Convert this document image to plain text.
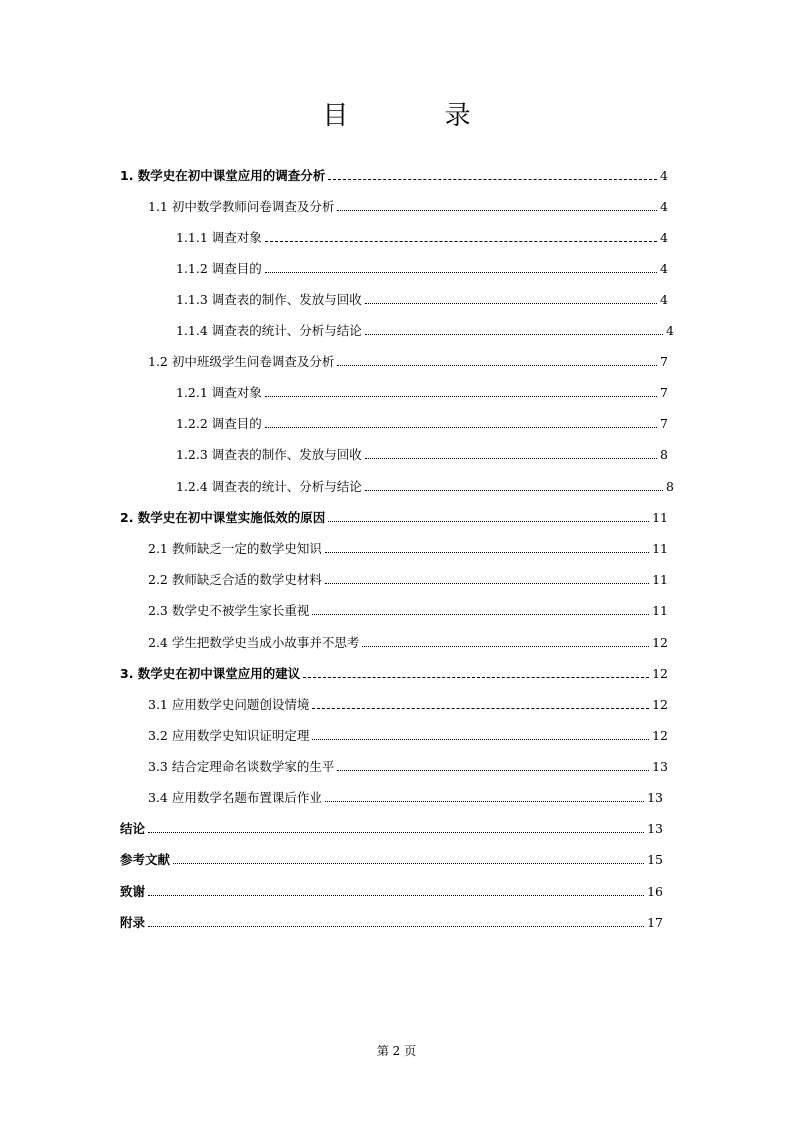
目 录
1. 数学史在初中课堂应用的调查分析	4
1.1 初中数学教师问卷调查及分析	4
1.1.1 调查对象	4
1.1.2 调查目的	4
1.1.3 调查表的制作、发放与回收	4
1.1.4 调查表的统计、分析与结论	4
1.2 初中班级学生问卷调查及分析	7
1.2.1 调查对象	7
1.2.2 调查目的	7
1.2.3 调查表的制作、发放与回收	8
1.2.4 调查表的统计、分析与结论	8
2. 数学史在初中课堂实施低效的原因	11
2.1 教师缺乏一定的数学史知识	11
2.2 教师缺乏合适的数学史材料	11
2.3 数学史不被学生家长重视	11
2.4 学生把数学史当成小故事并不思考	12
3. 数学史在初中课堂应用的建议	12
3.1 应用数学史问题创设情境	12
3.2 应用数学史知识证明定理	12
3.3 结合定理命名谈数学家的生平	13
3.4 应用数学名题布置课后作业	13
结论	13
参考文献	15
致谢	16
附录	17
第 2 页
